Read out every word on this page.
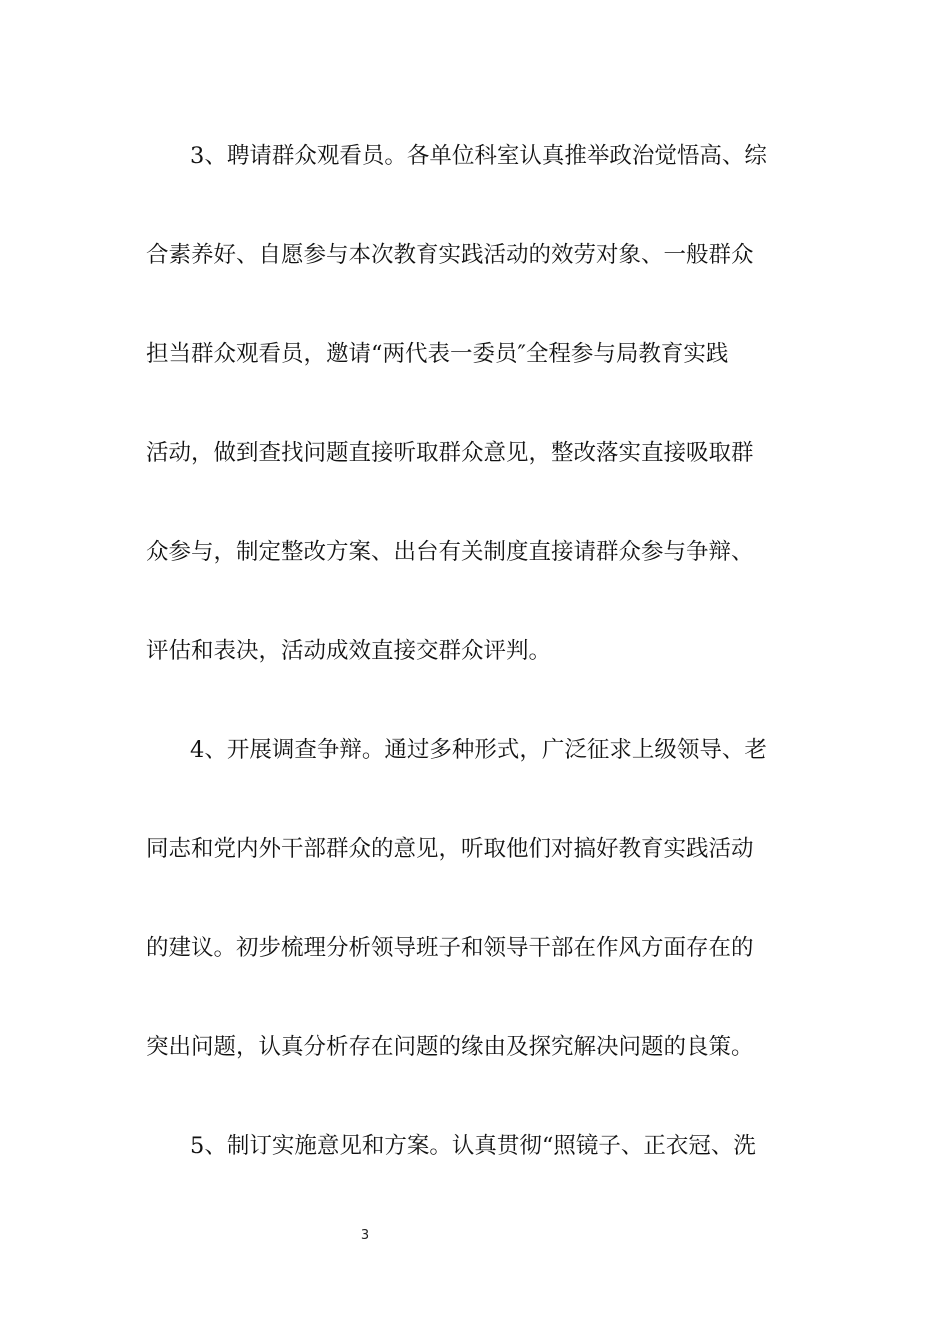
3、聘请群众观看员。各单位科室认真推举政治觉悟高、综
合素养好、自愿参与本次教育实践活动的效劳对象、一般群众
担当群众观看员，邀请“两代表一委员″全程参与局教育实践
活动，做到查找问题直接听取群众意见，整改落实直接吸取群
众参与，制定整改方案、出台有关制度直接请群众参与争辩、
评估和表决，活动成效直接交群众评判。
4、开展调查争辩。通过多种形式，广泛征求上级领导、老
同志和党内外干部群众的意见，听取他们对搞好教育实践活动
的建议。初步梳理分析领导班子和领导干部在作风方面存在的
突出问题，认真分析存在问题的缘由及探究解决问题的良策。
5、制订实施意见和方案。认真贯彻“照镜子、正衣冠、洗
3
